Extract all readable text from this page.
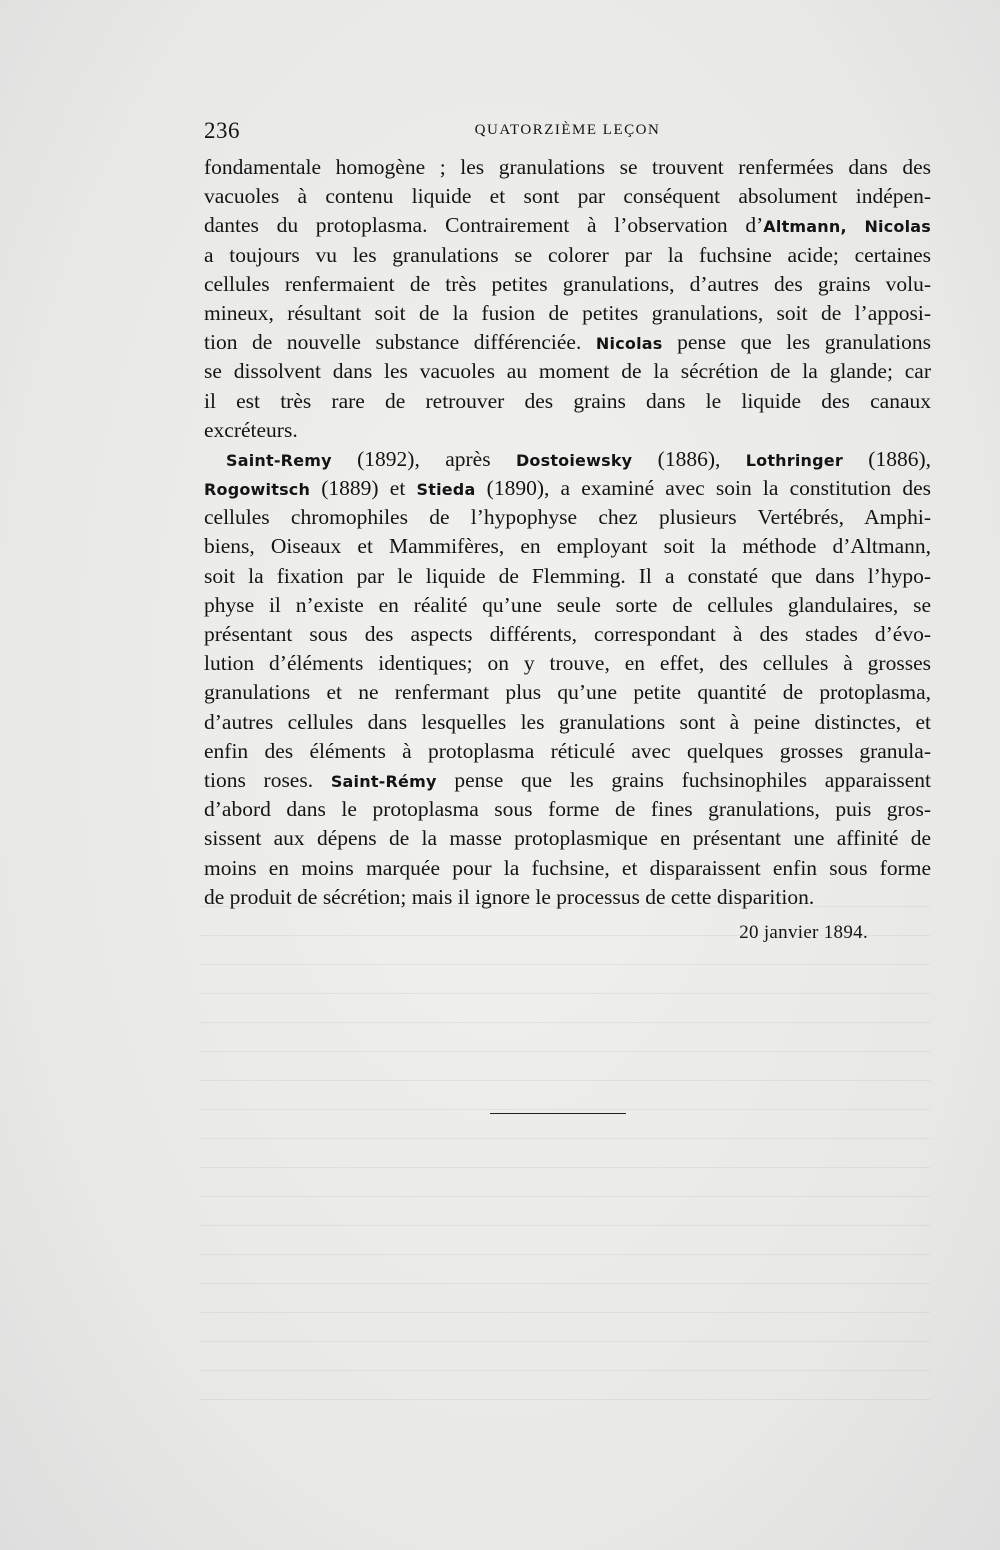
236	QUATORZIÈME LEÇON
fondamentale homogène ; les granulations se trouvent renfermées dans des
vacuoles à contenu liquide et sont par conséquent absolument indépen-
dantes du protoplasma. Contrairement à l’observation d’Altmann, Nicolas
a toujours vu les granulations se colorer par la fuchsine acide; certaines
cellules renfermaient de très petites granulations, d’autres des grains volu-
mineux, résultant soit de la fusion de petites granulations, soit de l’apposi-
tion de nouvelle substance différenciée. Nicolas pense que les granulations
se dissolvent dans les vacuoles au moment de la sécrétion de la glande; car
il est très rare de retrouver des grains dans le liquide des canaux
excréteurs.
Saint-Remy (1892), après Dostoiewsky (1886), Lothringer (1886),
Rogowitsch (1889) et Stieda (1890), a examiné avec soin la constitution des
cellules chromophiles de l’hypophyse chez plusieurs Vertébrés, Amphi-
biens, Oiseaux et Mammifères, en employant soit la méthode d’Altmann,
soit la fixation par le liquide de Flemming. Il a constaté que dans l’hypo-
physe il n’existe en réalité qu’une seule sorte de cellules glandulaires, se
présentant sous des aspects différents, correspondant à des stades d’évo-
lution d’éléments identiques; on y trouve, en effet, des cellules à grosses
granulations et ne renfermant plus qu’une petite quantité de protoplasma,
d’autres cellules dans lesquelles les granulations sont à peine distinctes, et
enfin des éléments à protoplasma réticulé avec quelques grosses granula-
tions roses. Saint-Rémy pense que les grains fuchsinophiles apparaissent
d’abord dans le protoplasma sous forme de fines granulations, puis gros-
sissent aux dépens de la masse protoplasmique en présentant une affinité de
moins en moins marquée pour la fuchsine, et disparaissent enfin sous forme
de produit de sécrétion; mais il ignore le processus de cette disparition.
20 janvier 1894.
